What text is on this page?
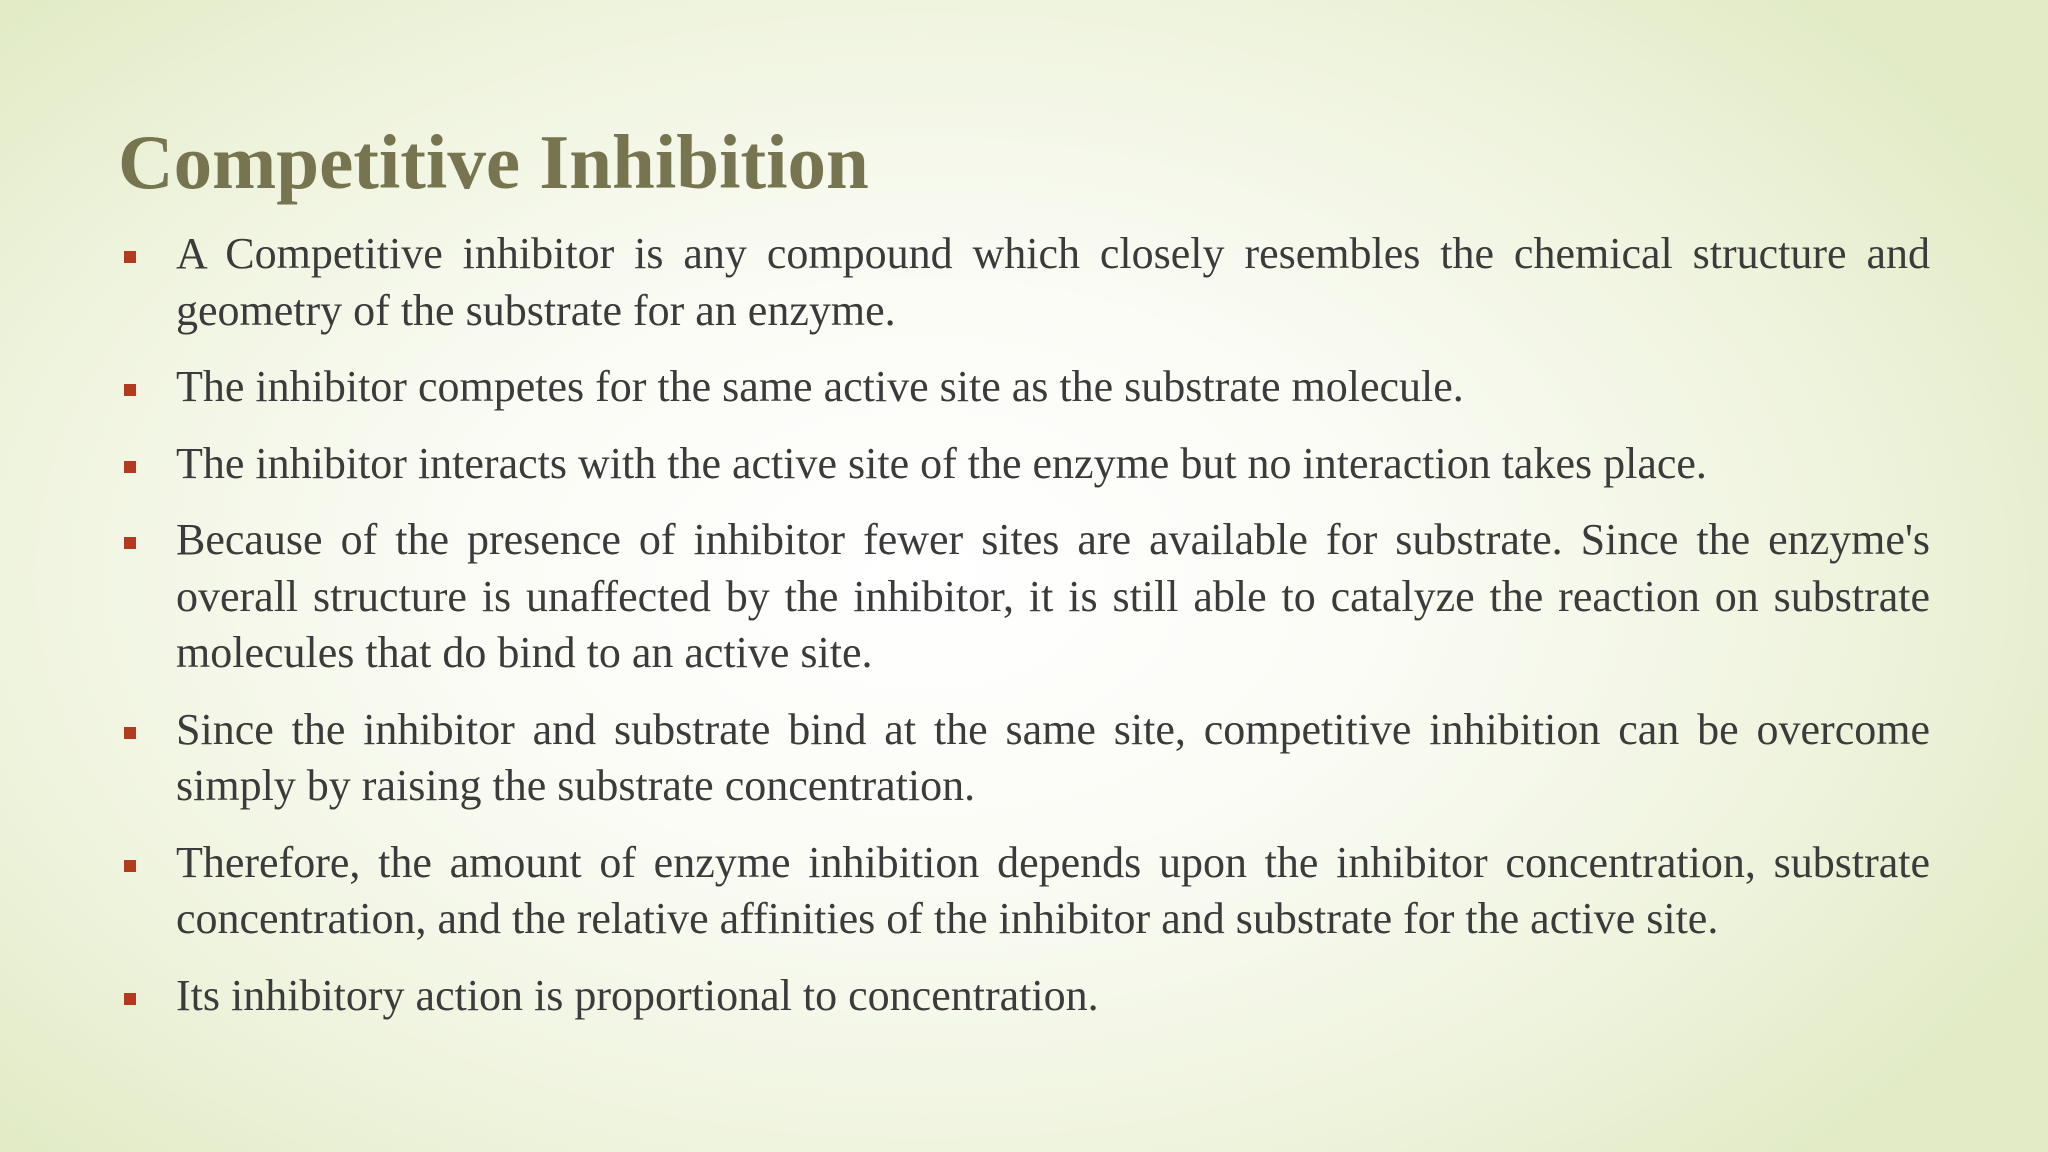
Competitive Inhibition
A Competitive inhibitor is any compound which closely resembles the chemical structure and geometry of the substrate for an enzyme.
The inhibitor competes for the same active site as the substrate molecule.
The inhibitor interacts with the active site of the enzyme but no interaction takes place.
Because of the presence of inhibitor fewer sites are available for substrate. Since the enzyme's overall structure is unaffected by the inhibitor, it is still able to catalyze the reaction on substrate molecules that do bind to an active site.
Since the inhibitor and substrate bind at the same site, competitive inhibition can be overcome simply by raising the substrate concentration.
Therefore, the amount of enzyme inhibition depends upon the inhibitor concentration, substrate concentration, and the relative affinities of the inhibitor and substrate for the active site.
Its inhibitory action is proportional to concentration.
